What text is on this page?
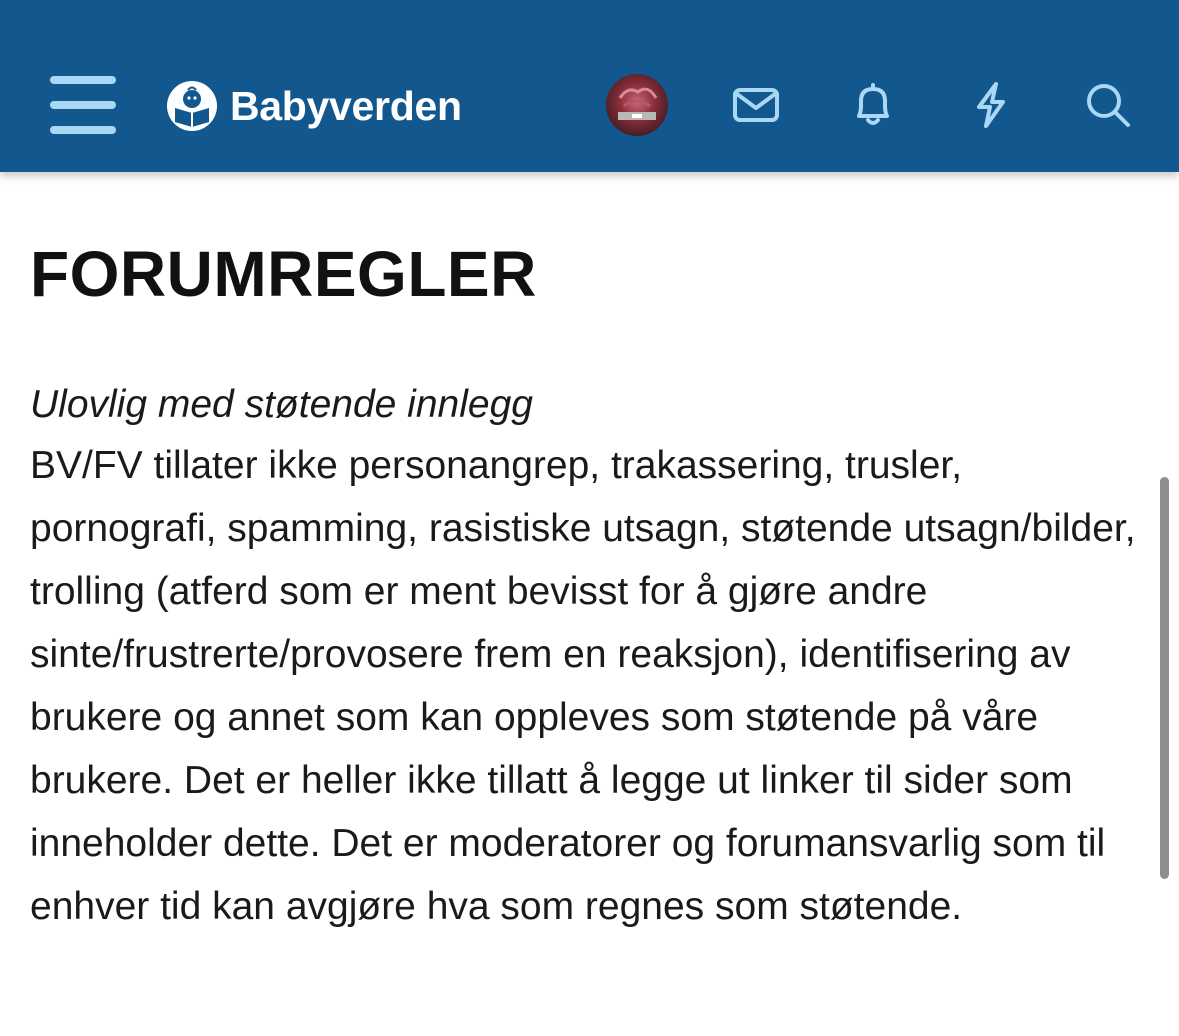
Babyverden
FORUMREGLER
Ulovlig med støtende innlegg
BV/FV tillater ikke personangrep, trakassering, trusler, pornografi, spamming, rasistiske utsagn, støtende utsagn/bilder, trolling (atferd som er ment bevisst for å gjøre andre sinte/frustrerte/provosere frem en reaksjon), identifisering av brukere og annet som kan oppleves som støtende på våre brukere. Det er heller ikke tillatt å legge ut linker til sider som inneholder dette. Det er moderatorer og forumansvarlig som til enhver tid kan avgjøre hva som regnes som støtende.
